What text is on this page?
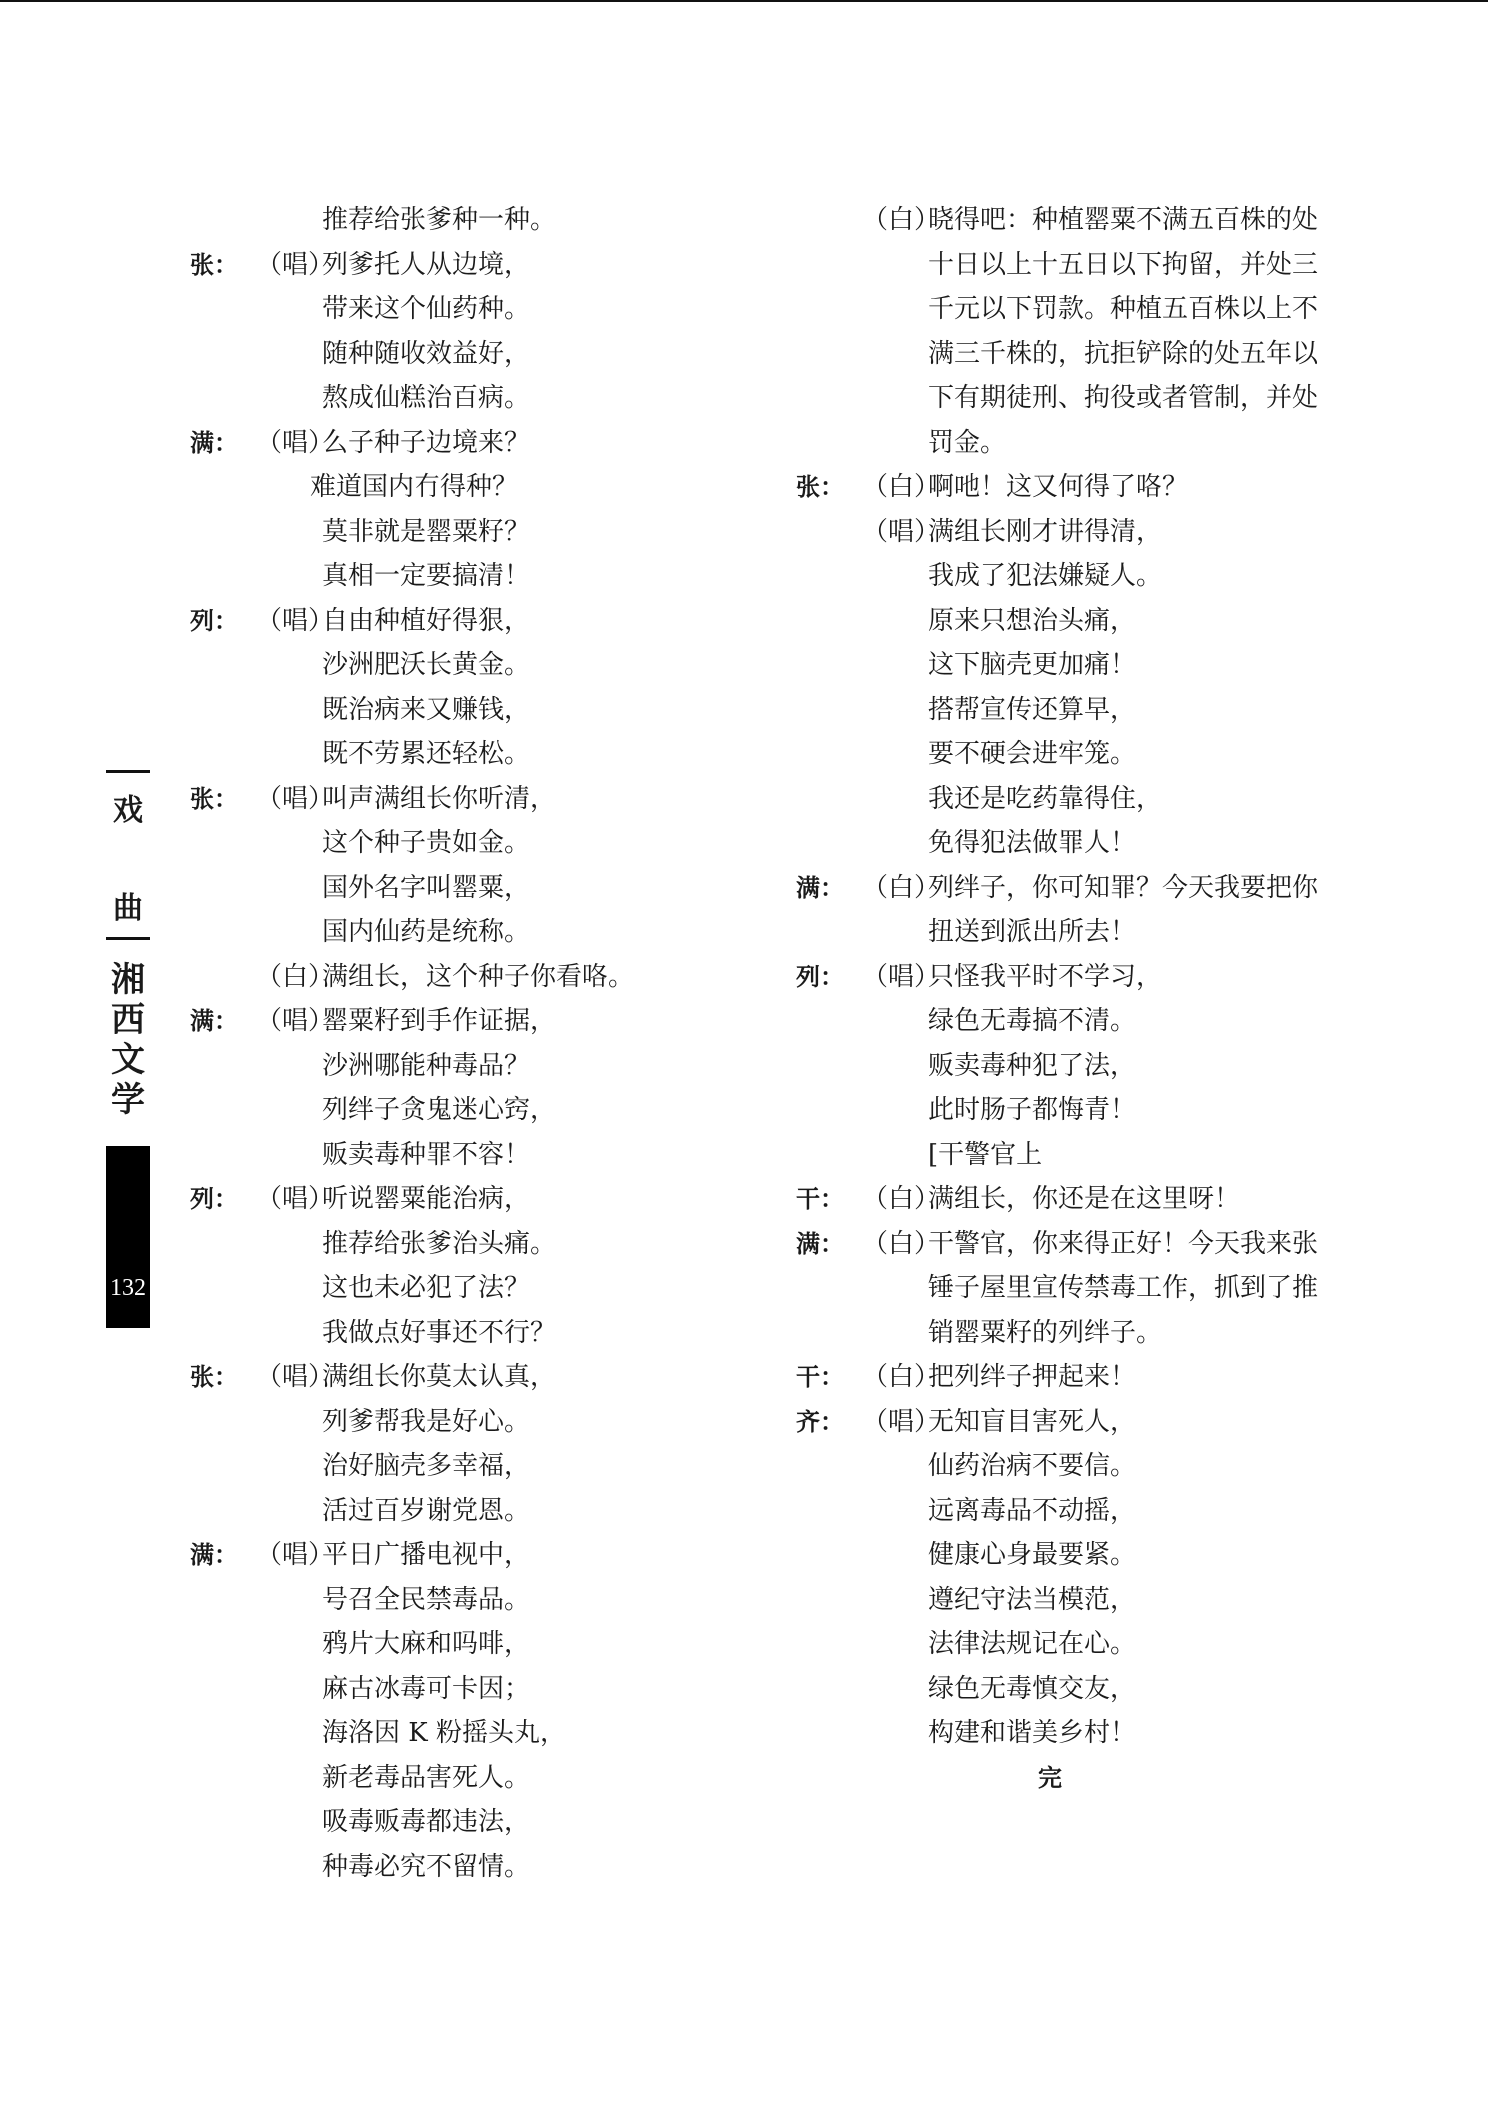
戏
曲
湘
西
文
学
132
推荐给张爹种一种。
张： （唱）
列爹托人从边境，
带来这个仙药种。
随种随收效益好，
熬成仙糕治百病。
满： （唱）
么子种子边境来？
难道国内冇得种？
莫非就是罂粟籽？
真相一定要搞清！
列： （唱）
自由种植好得狠，
沙洲肥沃长黄金。
既治病来又赚钱，
既不劳累还轻松。
张： （唱）
叫声满组长你听清，
这个种子贵如金。
国外名字叫罂粟，
国内仙药是统称。
（白）
满组长，这个种子你看咯。
满： （唱）
罂粟籽到手作证据，
沙洲哪能种毒品？
列绊子贪鬼迷心窍，
贩卖毒种罪不容！
列： （唱）
听说罂粟能治病，
推荐给张爹治头痛。
这也未必犯了法？
我做点好事还不行？
张： （唱）
满组长你莫太认真，
列爹帮我是好心。
治好脑壳多幸福，
活过百岁谢党恩。
满： （唱）
平日广播电视中，
号召全民禁毒品。
鸦片大麻和吗啡，
麻古冰毒可卡因；
海洛因 K 粉摇头丸，
新老毒品害死人。
吸毒贩毒都违法，
种毒必究不留情。
（白）
晓得吧：种植罂粟不满五百株的处
十日以上十五日以下拘留，并处三
千元以下罚款。种植五百株以上不
满三千株的，抗拒铲除的处五年以
下有期徒刑、拘役或者管制，并处
罚金。
张： （白）
啊吔！这又何得了咯？
（唱）
满组长刚才讲得清，
我成了犯法嫌疑人。
原来只想治头痛，
这下脑壳更加痛！
搭帮宣传还算早，
要不硬会进牢笼。
我还是吃药靠得住，
免得犯法做罪人！
满： （白）
列绊子，你可知罪？今天我要把你
扭送到派出所去！
列： （唱）
只怪我平时不学习，
绿色无毒搞不清。
贩卖毒种犯了法，
此时肠子都悔青！
[干警官上
干： （白）
满组长，你还是在这里呀！
满： （白）
干警官，你来得正好！今天我来张
锤子屋里宣传禁毒工作，抓到了推
销罂粟籽的列绊子。
干： （白）
把列绊子押起来！
齐： （唱）
无知盲目害死人，
仙药治病不要信。
远离毒品不动摇，
健康心身最要紧。
遵纪守法当模范，
法律法规记在心。
绿色无毒慎交友，
构建和谐美乡村！
完
